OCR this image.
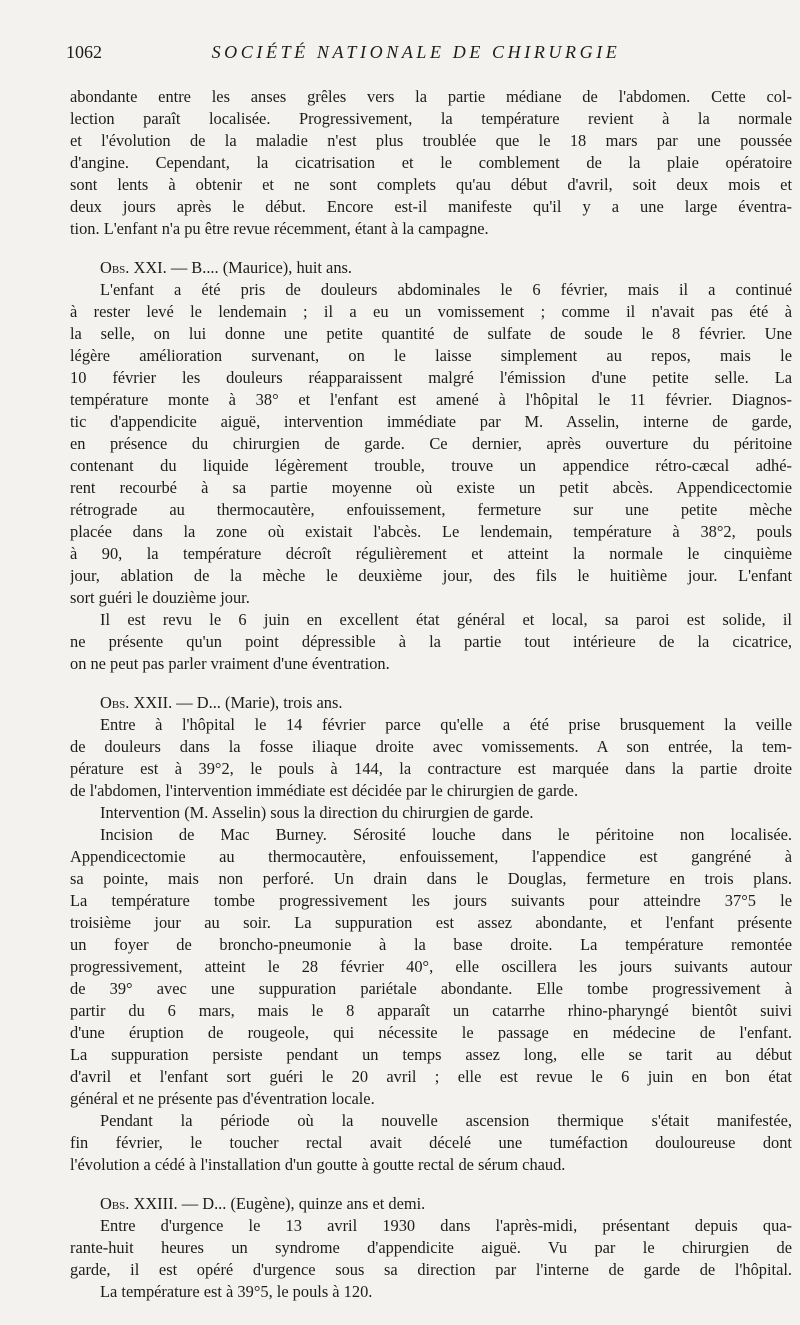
1062	SOCIÉTÉ NATIONALE DE CHIRURGIE
abondante entre les anses grêles vers la partie médiane de l'abdomen. Cette col-
lection paraît localisée. Progressivement, la température revient à la normale
et l'évolution de la maladie n'est plus troublée que le 18 mars par une poussée
d'angine. Cependant, la cicatrisation et le comblement de la plaie opératoire
sont lents à obtenir et ne sont complets qu'au début d'avril, soit deux mois et
deux jours après le début. Encore est-il manifeste qu'il y a une large éventra-
tion. L'enfant n'a pu être revue récemment, étant à la campagne.
Obs. XXI. — B.... (Maurice), huit ans.
L'enfant a été pris de douleurs abdominales le 6 février, mais il a continué
à rester levé le lendemain ; il a eu un vomissement ; comme il n'avait pas été à
la selle, on lui donne une petite quantité de sulfate de soude le 8 février. Une
légère amélioration survenant, on le laisse simplement au repos, mais le
10 février les douleurs réapparaissent malgré l'émission d'une petite selle. La
température monte à 38° et l'enfant est amené à l'hôpital le 11 février. Diagnos-
tic d'appendicite aiguë, intervention immédiate par M. Asselin, interne de garde,
en présence du chirurgien de garde. Ce dernier, après ouverture du péritoine
contenant du liquide légèrement trouble, trouve un appendice rétro-cæcal adhé-
rent recourbé à sa partie moyenne où existe un petit abcès. Appendicectomie
rétrograde au thermocautère, enfouissement, fermeture sur une petite mèche
placée dans la zone où existait l'abcès. Le lendemain, température à 38°2, pouls
à 90, la température décroît régulièrement et atteint la normale le cinquième
jour, ablation de la mèche le deuxième jour, des fils le huitième jour. L'enfant
sort guéri le douzième jour.
Il est revu le 6 juin en excellent état général et local, sa paroi est solide, il
ne présente qu'un point dépressible à la partie tout intérieure de la cicatrice,
on ne peut pas parler vraiment d'une éventration.
Obs. XXII. — D... (Marie), trois ans.
Entre à l'hôpital le 14 février parce qu'elle a été prise brusquement la veille
de douleurs dans la fosse iliaque droite avec vomissements. A son entrée, la tem-
pérature est à 39°2, le pouls à 144, la contracture est marquée dans la partie droite
de l'abdomen, l'intervention immédiate est décidée par le chirurgien de garde.
Intervention (M. Asselin) sous la direction du chirurgien de garde.
Incision de Mac Burney. Sérosité louche dans le péritoine non localisée.
Appendicectomie au thermocautère, enfouissement, l'appendice est gangréné à
sa pointe, mais non perforé. Un drain dans le Douglas, fermeture en trois plans.
La température tombe progressivement les jours suivants pour atteindre 37°5 le
troisième jour au soir. La suppuration est assez abondante, et l'enfant présente
un foyer de broncho-pneumonie à la base droite. La température remontée
progressivement, atteint le 28 février 40°, elle oscillera les jours suivants autour
de 39° avec une suppuration pariétale abondante. Elle tombe progressivement à
partir du 6 mars, mais le 8 apparaît un catarrhe rhino-pharyngé bientôt suivi
d'une éruption de rougeole, qui nécessite le passage en médecine de l'enfant.
La suppuration persiste pendant un temps assez long, elle se tarit au début
d'avril et l'enfant sort guéri le 20 avril ; elle est revue le 6 juin en bon état
général et ne présente pas d'éventration locale.
Pendant la période où la nouvelle ascension thermique s'était manifestée,
fin février, le toucher rectal avait décelé une tuméfaction douloureuse dont
l'évolution a cédé à l'installation d'un goutte à goutte rectal de sérum chaud.
Obs. XXIII. — D... (Eugène), quinze ans et demi.
Entre d'urgence le 13 avril 1930 dans l'après-midi, présentant depuis qua-
rante-huit heures un syndrome d'appendicite aiguë. Vu par le chirurgien de
garde, il est opéré d'urgence sous sa direction par l'interne de garde de l'hôpital.
La température est à 39°5, le pouls à 120.
